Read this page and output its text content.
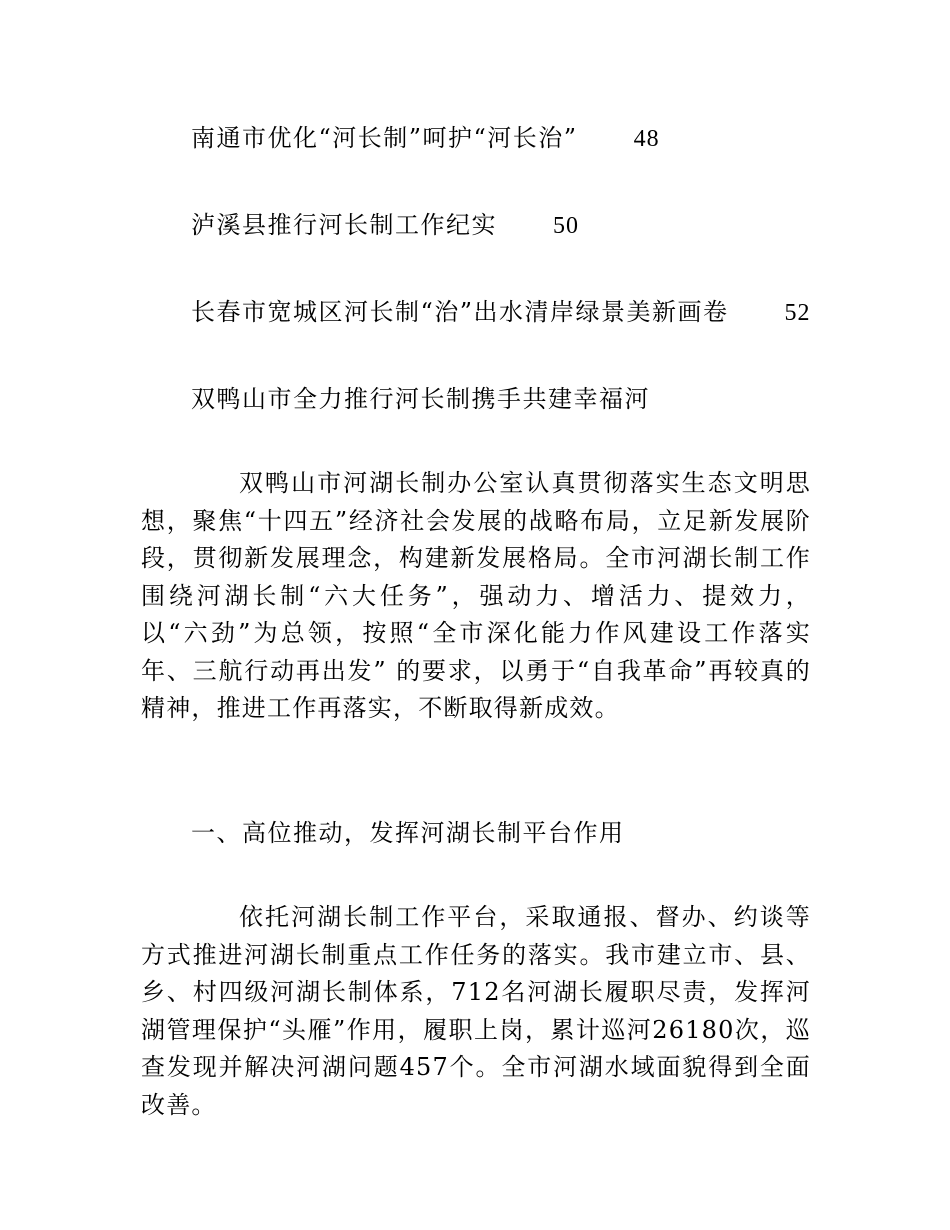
南通市优化“河长制”呵护“河长治” 48
泸溪县推行河长制工作纪实 50
长春市宽城区河长制“治”出水清岸绿景美新画卷 52
双鸭山市全力推行河长制携手共建幸福河

双鸭山市河湖长制办公室认真贯彻落实生态文明思想，聚焦“十四五”经济社会发展的战略布局，立足新发展阶段，贯彻新发展理念，构建新发展格局。全市河湖长制工作围绕河湖长制“六大任务”，强动力、增活力、提效力，以“六劲”为总领，按照“全市深化能力作风建设工作落实年、三航行动再出发” 的要求，以勇于“自我革命”再较真的精神，推进工作再落实，不断取得新成效。

一、高位推动，发挥河湖长制平台作用

依托河湖长制工作平台，采取通报、督办、约谈等方式推进河湖长制重点工作任务的落实。我市建立市、县、乡、村四级河湖长制体系，712名河湖长履职尽责，发挥河湖管理保护“头雁”作用，履职上岗，累计巡河26180次，巡查发现并解决河湖问题457个。全市河湖水域面貌得到全面改善。
